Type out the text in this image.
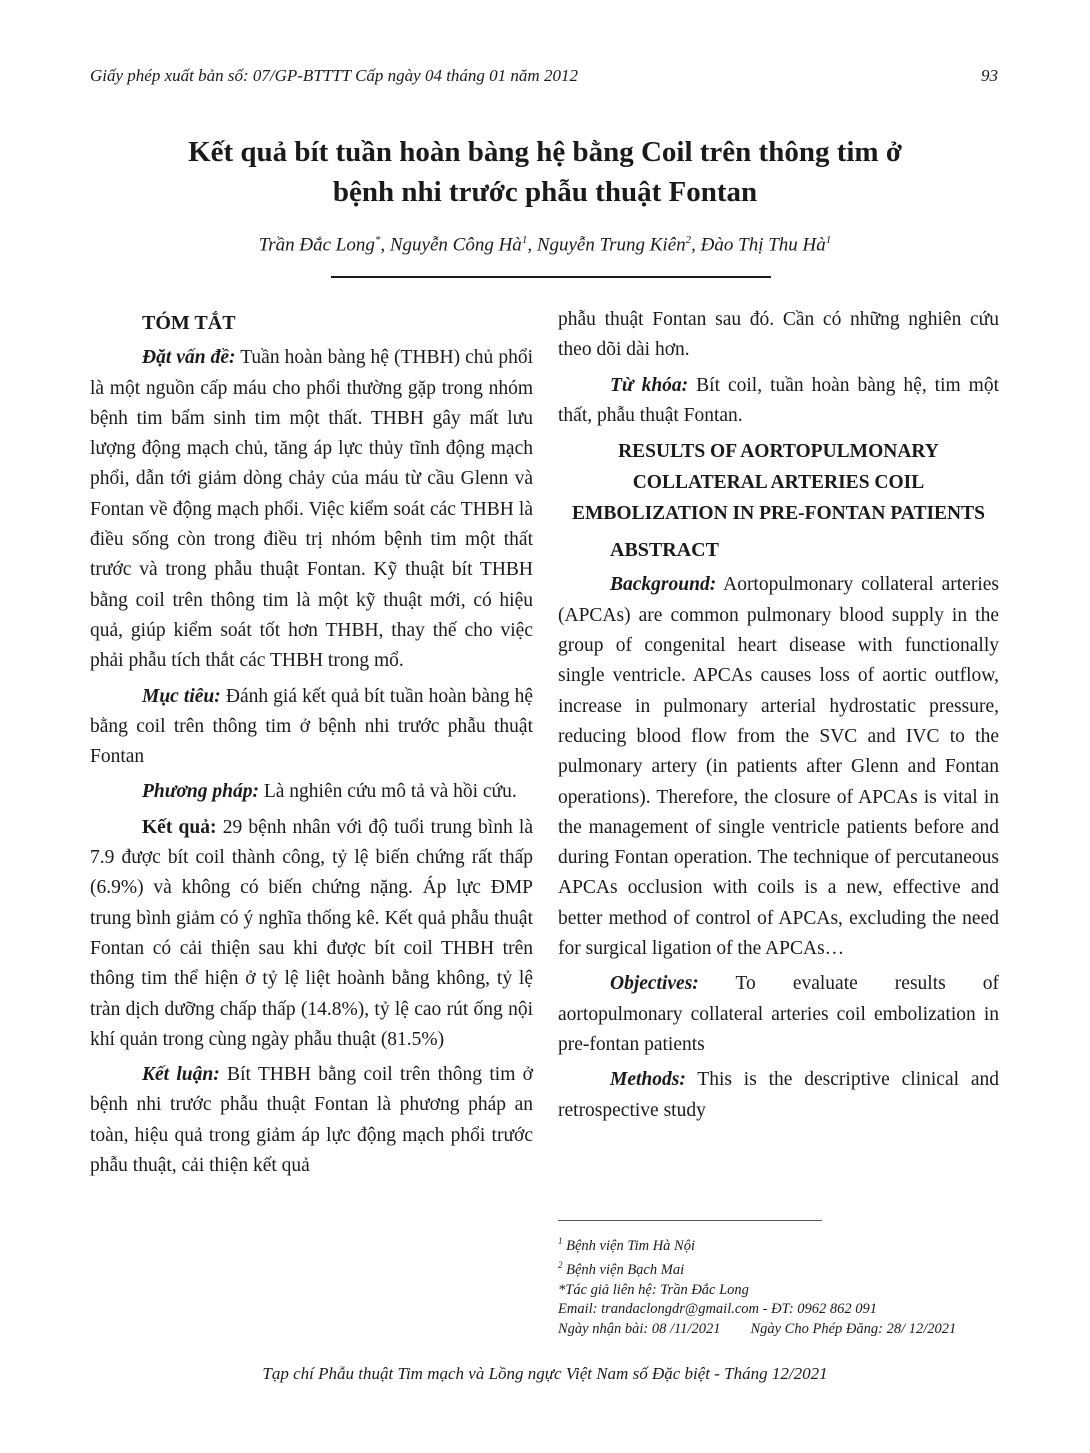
Giấy phép xuất bản số: 07/GP-BTTTT Cấp ngày 04 tháng 01 năm 2012	93
Kết quả bít tuần hoàn bàng hệ bằng Coil trên thông tim ở
bệnh nhi trước phẫu thuật Fontan
Trần Đắc Long*, Nguyễn Công $Hà^1$, Nguyễn Trung Kiên$^2$, Đào Thị Thu $Hà^1$

TÓM TẮT

Đặt vấn đề: Tuần hoàn bàng hệ (THBH) chủ phổi là một nguồn cấp máu cho phổi thường gặp trong nhóm bệnh tim bẩm sinh tim một thất. THBH gây mất lưu lượng động mạch chủ, tăng áp lực thủy tĩnh động mạch phổi, dẫn tới giảm dòng chảy của máu từ cầu Glenn và Fontan về động mạch phổi. Việc kiểm soát các THBH là điều sống còn trong điều trị nhóm bệnh tim một thất trước và trong phẫu thuật Fontan. Kỹ thuật bít THBH bằng coil trên thông tim là một kỹ thuật mới, có hiệu quả, giúp kiểm soát tốt hơn THBH, thay thế cho việc phải phẫu tích thắt các THBH trong mổ.

Mục tiêu: Đánh giá kết quả bít tuần hoàn bàng hệ bằng coil trên thông tim ở bệnh nhi trước phẫu thuật Fontan

Phương pháp: Là nghiên cứu mô tả và hồi cứu.

Kết quả: 29 bệnh nhân với độ tuổi trung bình là 7.9 được bít coil thành công, tỷ lệ biến chứng rất thấp (6.9%) và không có biến chứng nặng. Áp lực ĐMP trung bình giảm có ý nghĩa thống kê. Kết quả phẫu thuật Fontan có cải thiện sau khi được bít coil THBH trên thông tim thể hiện ở tỷ lệ liệt hoành bằng không, tỷ lệ tràn dịch dưỡng chấp thấp (14.8%), tỷ lệ cao rút ống nội khí quản trong cùng ngày phẫu thuật (81.5%)

Kết luận: Bít THBH bằng coil trên thông tim ở bệnh nhi trước phẫu thuật Fontan là phương pháp an toàn, hiệu quả trong giảm áp lực động mạch phổi trước phẫu thuật, cải thiện kết quả

phẫu thuật Fontan sau đó. Cần có những nghiên cứu theo dõi dài hơn.

Từ khóa: Bít coil, tuần hoàn bàng hệ, tim một thất, phẫu thuật Fontan.

RESULTS OF AORTOPULMONARY COLLATERAL ARTERIES COIL EMBOLIZATION IN PRE-FONTAN PATIENTS

ABSTRACT

Background: Aortopulmonary collateral arteries (APCAs) are common pulmonary blood supply in the group of congenital heart disease with functionally single ventricle. APCAs causes loss of aortic outflow, increase in pulmonary arterial hydrostatic pressure, reducing blood flow from the SVC and IVC to the pulmonary artery (in patients after Glenn and Fontan operations). Therefore, the closure of APCAs is vital in the management of single ventricle patients before and during Fontan operation. The technique of percutaneous APCAs occlusion with coils is a new, effective and better method of control of APCAs, excluding the need for surgical ligation of the APCAs…

Objectives: To evaluate results of aortopulmonary collateral arteries coil embolization in pre-fontan patients

Methods: This is the descriptive clinical and retrospective study

$^1$ Bệnh viện Tim Hà Nội
$^2$ Bệnh viện Bạch Mai
*Tác giả liên hệ: Trần Đắc Long
Email: trandaclongdr@gmail.com - ĐT: 0962 862 091
Ngày nhận bài: 08 /11/2021 Ngày Cho Phép Đăng: 28/ 12/2021
Tạp chí Phẫu thuật Tim mạch và Lồng ngực Việt Nam số Đặc biệt - Tháng 12/2021
